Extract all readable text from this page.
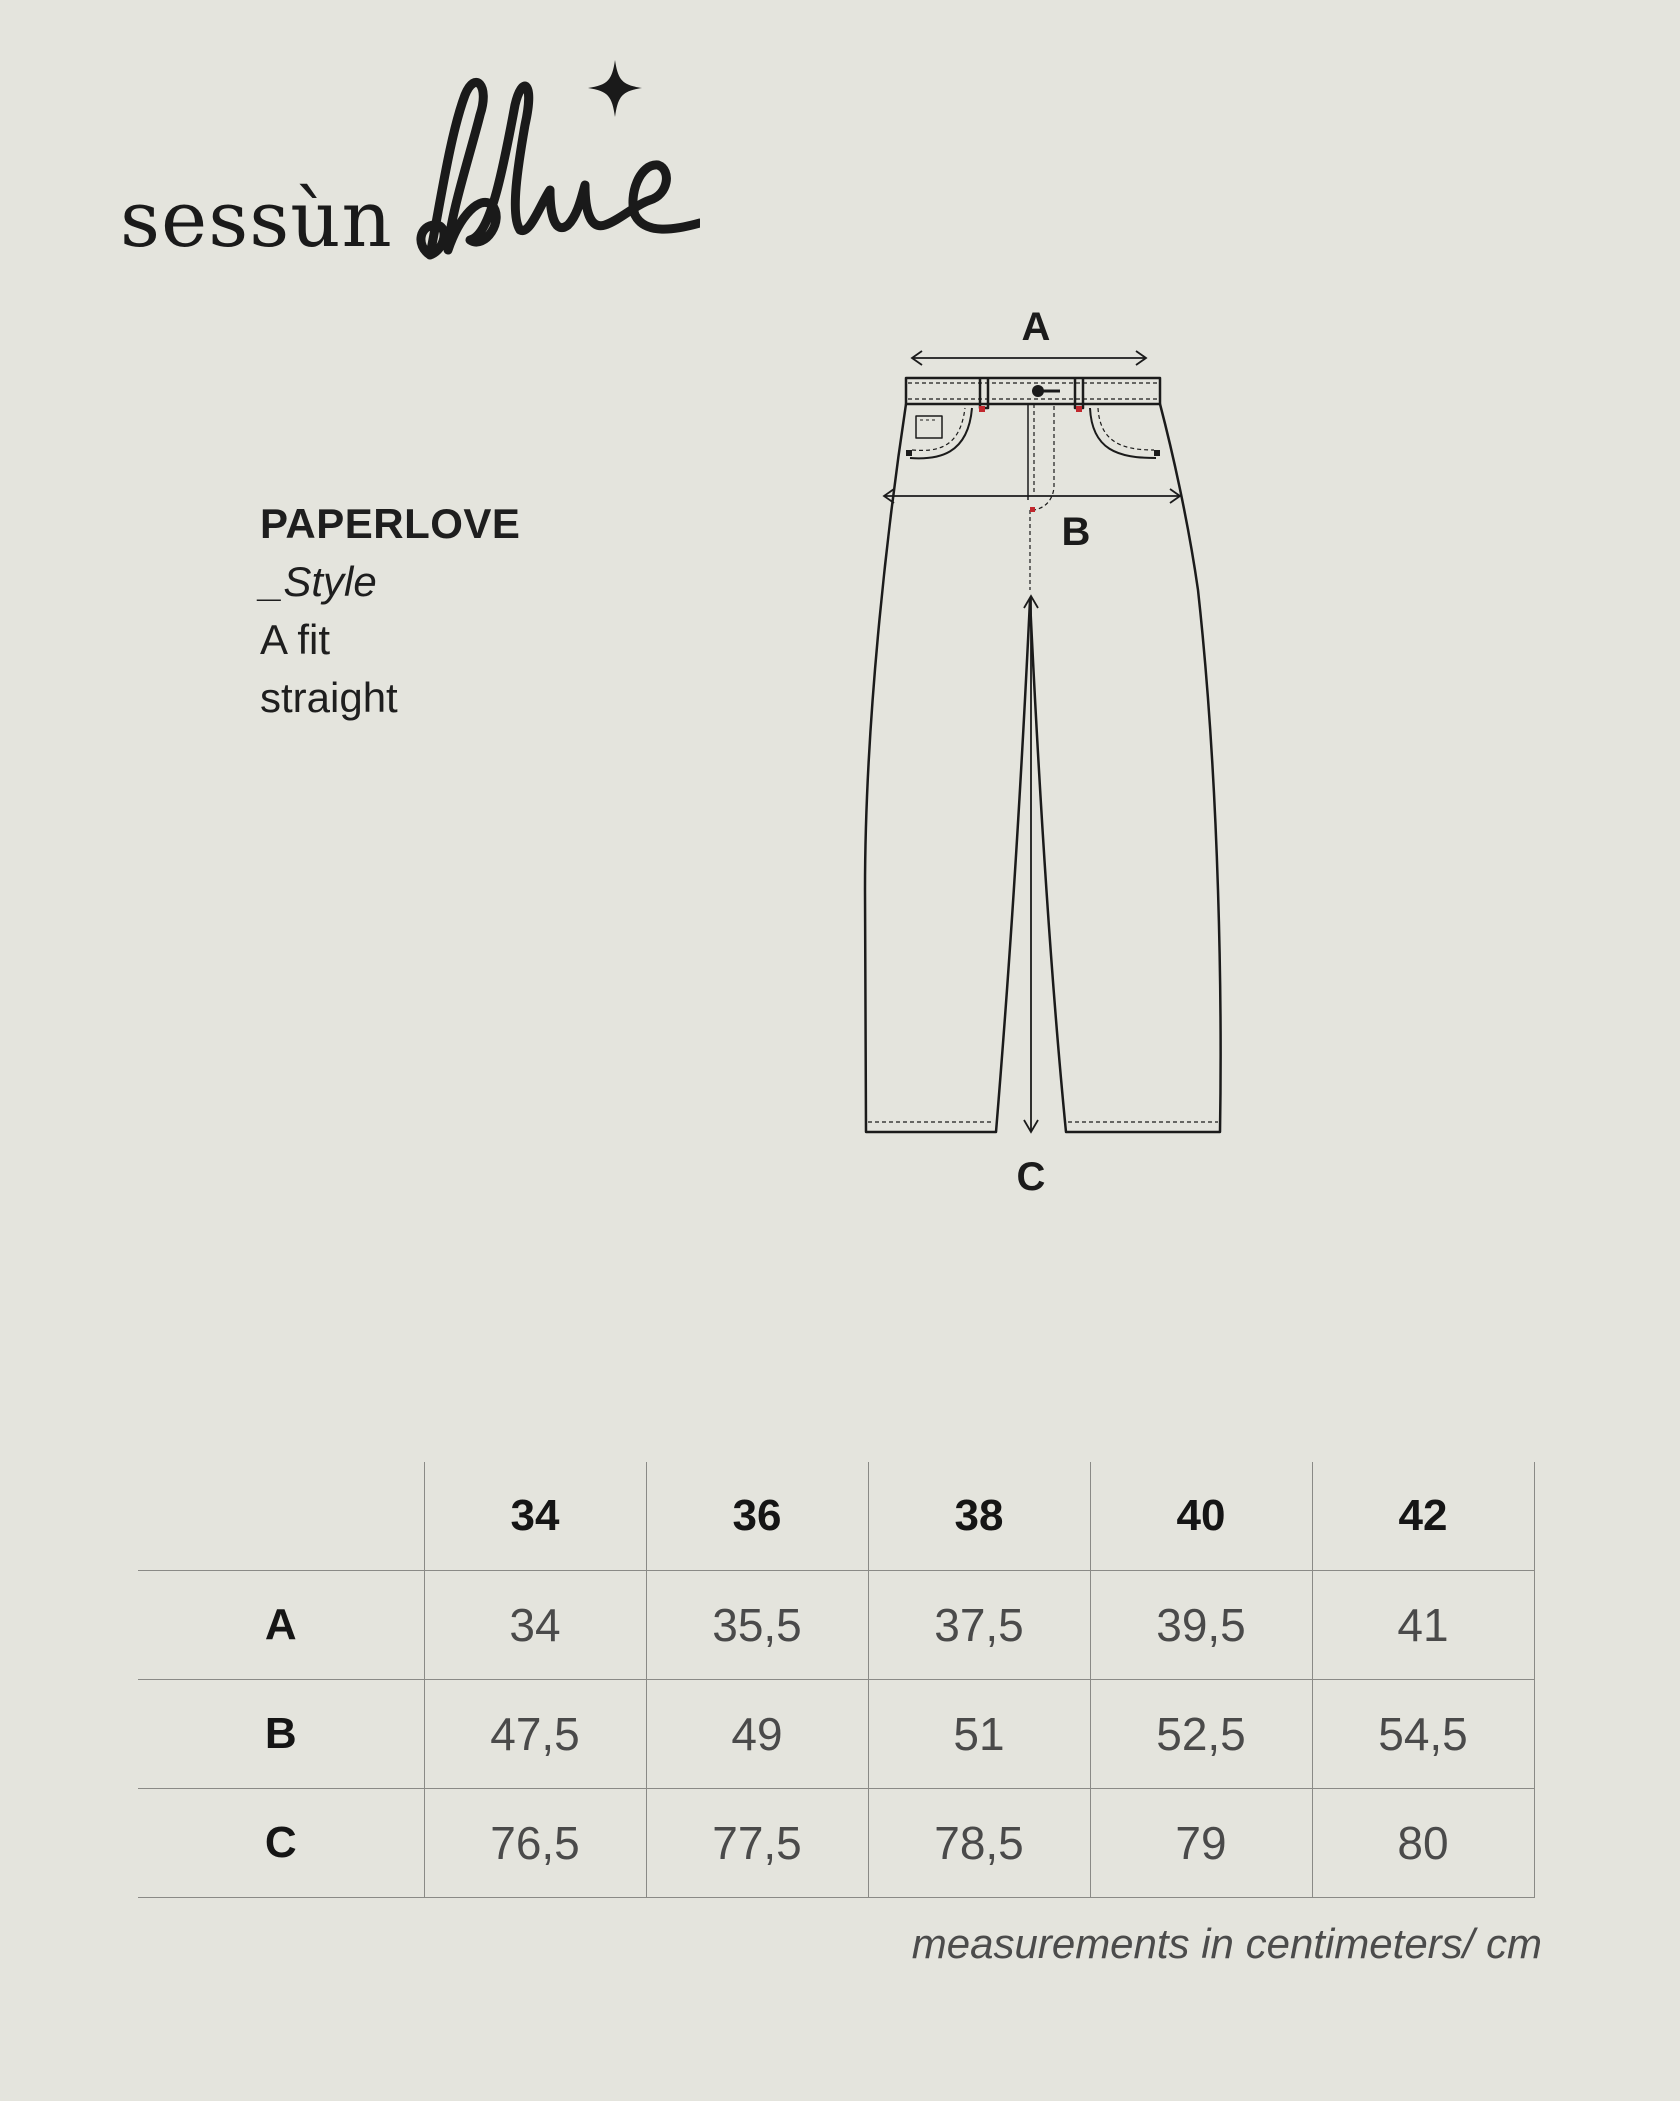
sessùn
PAPERLOVE
_Style
A fit
straight
A
B
C
	34	36	38	40	42
A	34	35,5	37,5	39,5	41
B	47,5	49	51	52,5	54,5
C	76,5	77,5	78,5	79	80
measurements in centimeters/ cm
